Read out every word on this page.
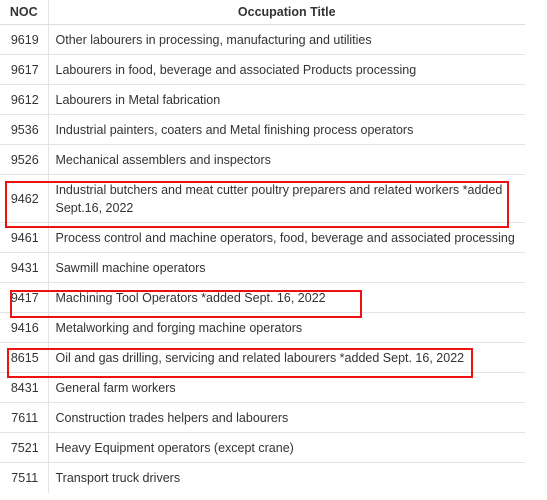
NOC	Occupation Title
9619	Other labourers in processing, manufacturing and utilities
9617	Labourers in food, beverage and associated Products processing
9612	Labourers in Metal fabrication
9536	Industrial painters, coaters and Metal finishing process operators
9526	Mechanical assemblers and inspectors
9462	Industrial butchers and meat cutter poultry preparers and related workers *added Sept.16, 2022
9461	Process control and machine operators, food, beverage and associated processing
9431	Sawmill machine operators
9417	Machining Tool Operators *added Sept. 16, 2022
9416	Metalworking and forging machine operators
8615	Oil and gas drilling, servicing and related labourers *added Sept. 16, 2022
8431	General farm workers
7611	Construction trades helpers and labourers
7521	Heavy Equipment operators (except crane)
7511	Transport truck drivers
